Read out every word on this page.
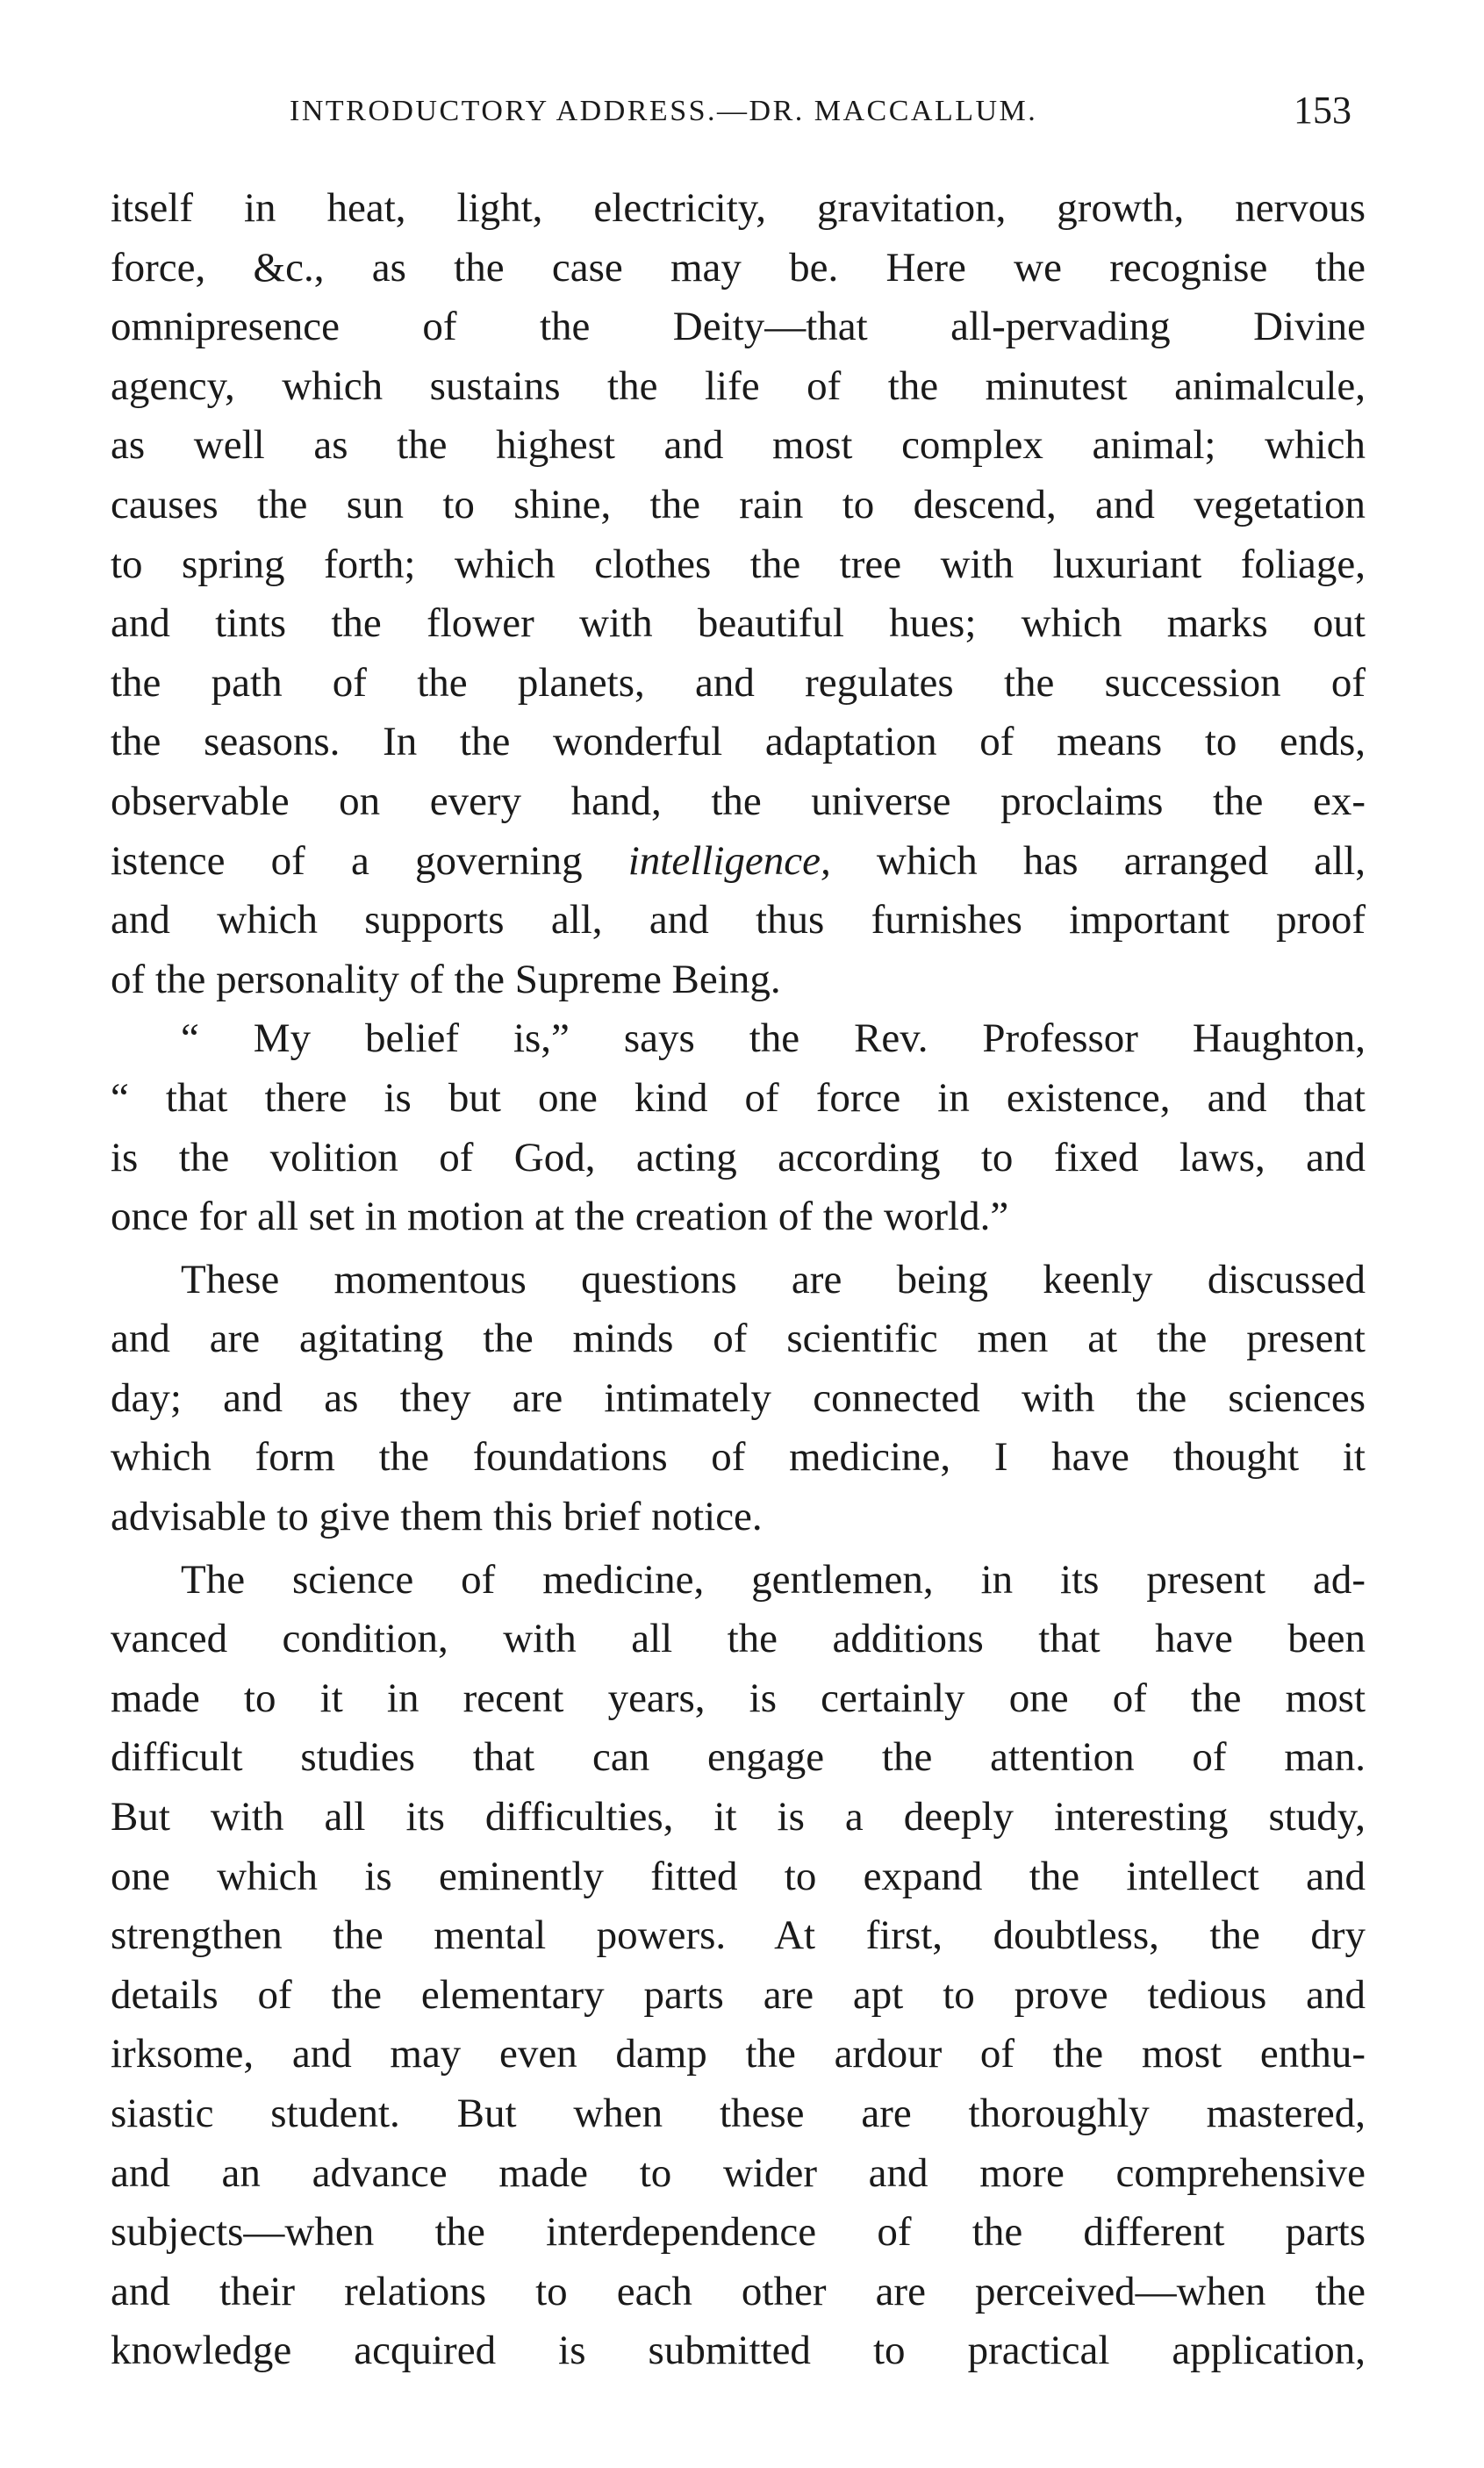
INTRODUCTORY ADDRESS.—DR. MACCALLUM.	153
itself in heat, light, electricity, gravitation, growth, nervous
force, &c., as the case may be. Here we recognise the
omnipresence of the Deity—that all-pervading Divine
agency, which sustains the life of the minutest animalcule,
as well as the highest and most complex animal; which
causes the sun to shine, the rain to descend, and vegetation
to spring forth; which clothes the tree with luxuriant foliage,
and tints the flower with beautiful hues; which marks out
the path of the planets, and regulates the succession of
the seasons. In the wonderful adaptation of means to ends,
observable on every hand, the universe proclaims the ex-
istence of a governing intelligence, which has arranged all,
and which supports all, and thus furnishes important proof
of the personality of the Supreme Being.
“ My belief is,” says the Rev. Professor Haughton,
“ that there is but one kind of force in existence, and that
is the volition of God, acting according to fixed laws, and
once for all set in motion at the creation of the world.”
These momentous questions are being keenly discussed
and are agitating the minds of scientific men at the present
day; and as they are intimately connected with the sciences
which form the foundations of medicine, I have thought it
advisable to give them this brief notice.
The science of medicine, gentlemen, in its present ad-
vanced condition, with all the additions that have been
made to it in recent years, is certainly one of the most
difficult studies that can engage the attention of man.
But with all its difficulties, it is a deeply interesting study,
one which is eminently fitted to expand the intellect and
strengthen the mental powers. At first, doubtless, the dry
details of the elementary parts are apt to prove tedious and
irksome, and may even damp the ardour of the most enthu-
siastic student. But when these are thoroughly mastered,
and an advance made to wider and more comprehensive
subjects—when the interdependence of the different parts
and their relations to each other are perceived—when the
knowledge acquired is submitted to practical application,
